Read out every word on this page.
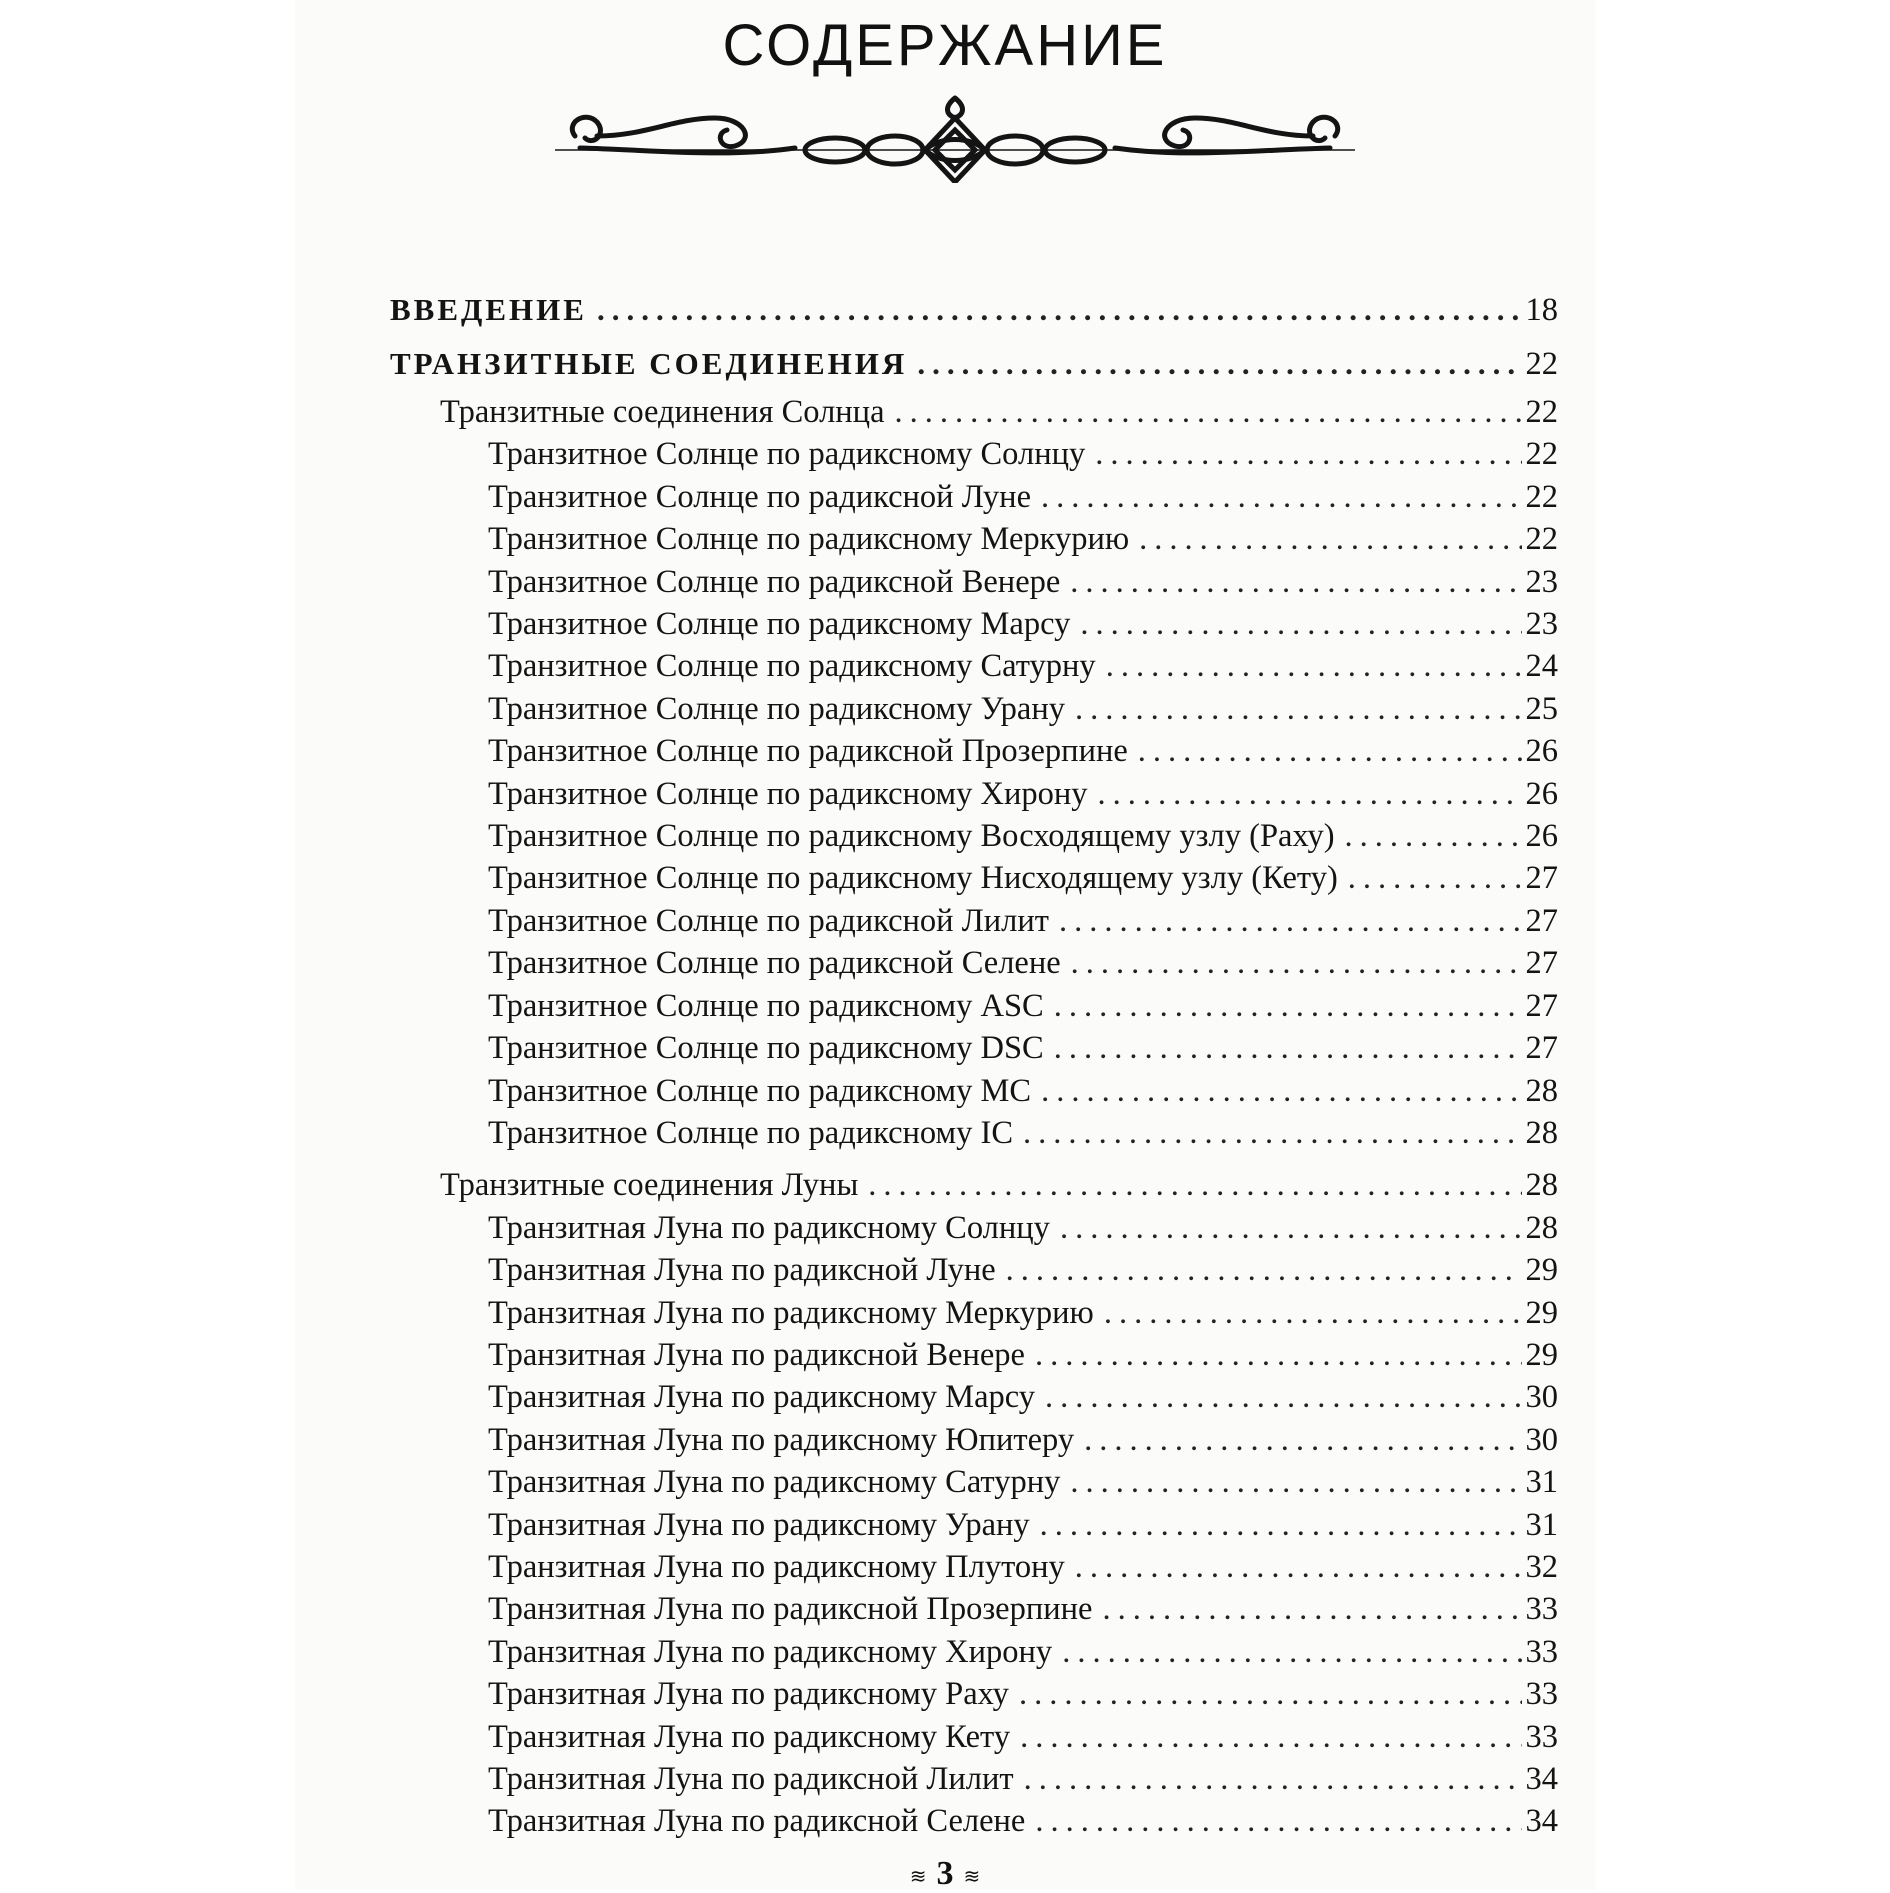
СОДЕРЖАНИЕ
ВВЕДЕНИЕ .....	18
ТРАНЗИТНЫЕ СОЕДИНЕНИЯ .....	22
Транзитные соединения Солнца .....	22
Транзитное Солнце по радиксному Солнцу .....	22
Транзитное Солнце по радиксной Луне .....	22
Транзитное Солнце по радиксному Меркурию .....	22
Транзитное Солнце по радиксной Венере .....	23
Транзитное Солнце по радиксному Марсу .....	23
Транзитное Солнце по радиксному Сатурну .....	24
Транзитное Солнце по радиксному Урану .....	25
Транзитное Солнце по радиксной Прозерпине .....	26
Транзитное Солнце по радиксному Хирону .....	26
Транзитное Солнце по радиксному Восходящему узлу (Раху) .....	26
Транзитное Солнце по радиксному Нисходящему узлу (Кету) .....	27
Транзитное Солнце по радиксной Лилит .....	27
Транзитное Солнце по радиксной Селене .....	27
Транзитное Солнце по радиксному ASC .....	27
Транзитное Солнце по радиксному DSC .....	27
Транзитное Солнце по радиксному МС .....	28
Транзитное Солнце по радиксному IC .....	28
Транзитные соединения Луны .....	28
Транзитная Луна по радиксному Солнцу .....	28
Транзитная Луна по радиксной Луне .....	29
Транзитная Луна по радиксному Меркурию .....	29
Транзитная Луна по радиксной Венере .....	29
Транзитная Луна по радиксному Марсу .....	30
Транзитная Луна по радиксному Юпитеру .....	30
Транзитная Луна по радиксному Сатурну .....	31
Транзитная Луна по радиксному Урану .....	31
Транзитная Луна по радиксному Плутону .....	32
Транзитная Луна по радиксной Прозерпине .....	33
Транзитная Луна по радиксному Хирону .....	33
Транзитная Луна по радиксному Раху .....	33
Транзитная Луна по радиксному Кету .....	33
Транзитная Луна по радиксной Лилит .....	34
Транзитная Луна по радиксной Селене .....	34
≋ 3 ≋
